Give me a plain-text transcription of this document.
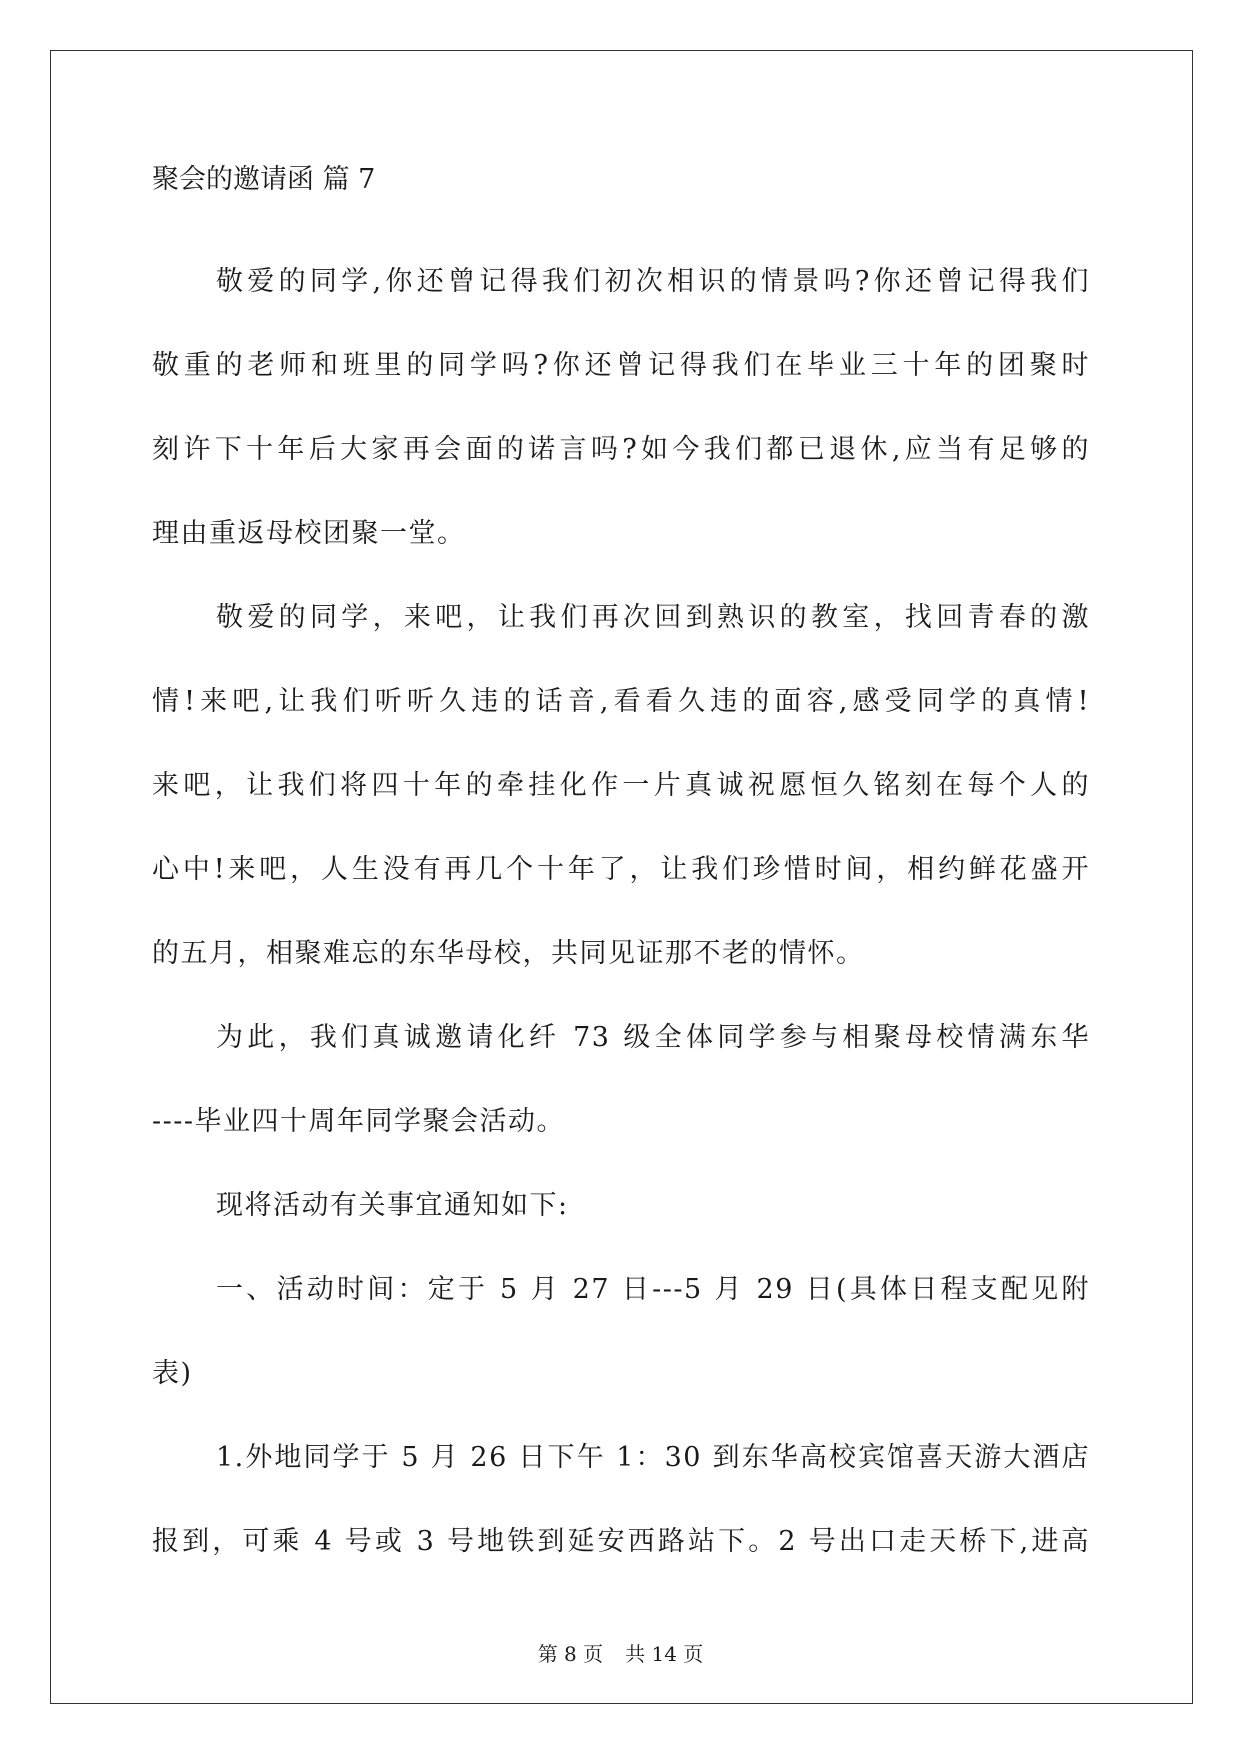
聚会的邀请函 篇 7
敬爱的同学,你还曾记得我们初次相识的情景吗?你还曾记得我们
敬重的老师和班里的同学吗?你还曾记得我们在毕业三十年的团聚时
刻许下十年后大家再会面的诺言吗?如今我们都已退休,应当有足够的
理由重返母校团聚一堂。
敬爱的同学，来吧，让我们再次回到熟识的教室，找回青春的激
情!来吧,让我们听听久违的话音,看看久违的面容,感受同学的真情!
来吧，让我们将四十年的牵挂化作一片真诚祝愿恒久铭刻在每个人的
心中!来吧，人生没有再几个十年了，让我们珍惜时间，相约鲜花盛开
的五月，相聚难忘的东华母校，共同见证那不老的情怀。
为此，我们真诚邀请化纤 73 级全体同学参与相聚母校情满东华
----毕业四十周年同学聚会活动。
现将活动有关事宜通知如下:
一、活动时间：定于 5 月 27 日---5 月 29 日(具体日程支配见附
表)
1.外地同学于 5 月 26 日下午 1：30 到东华高校宾馆喜天游大酒店
报到，可乘 4 号或 3 号地铁到延安西路站下。2 号出口走天桥下,进高
第 8 页 共 14 页
